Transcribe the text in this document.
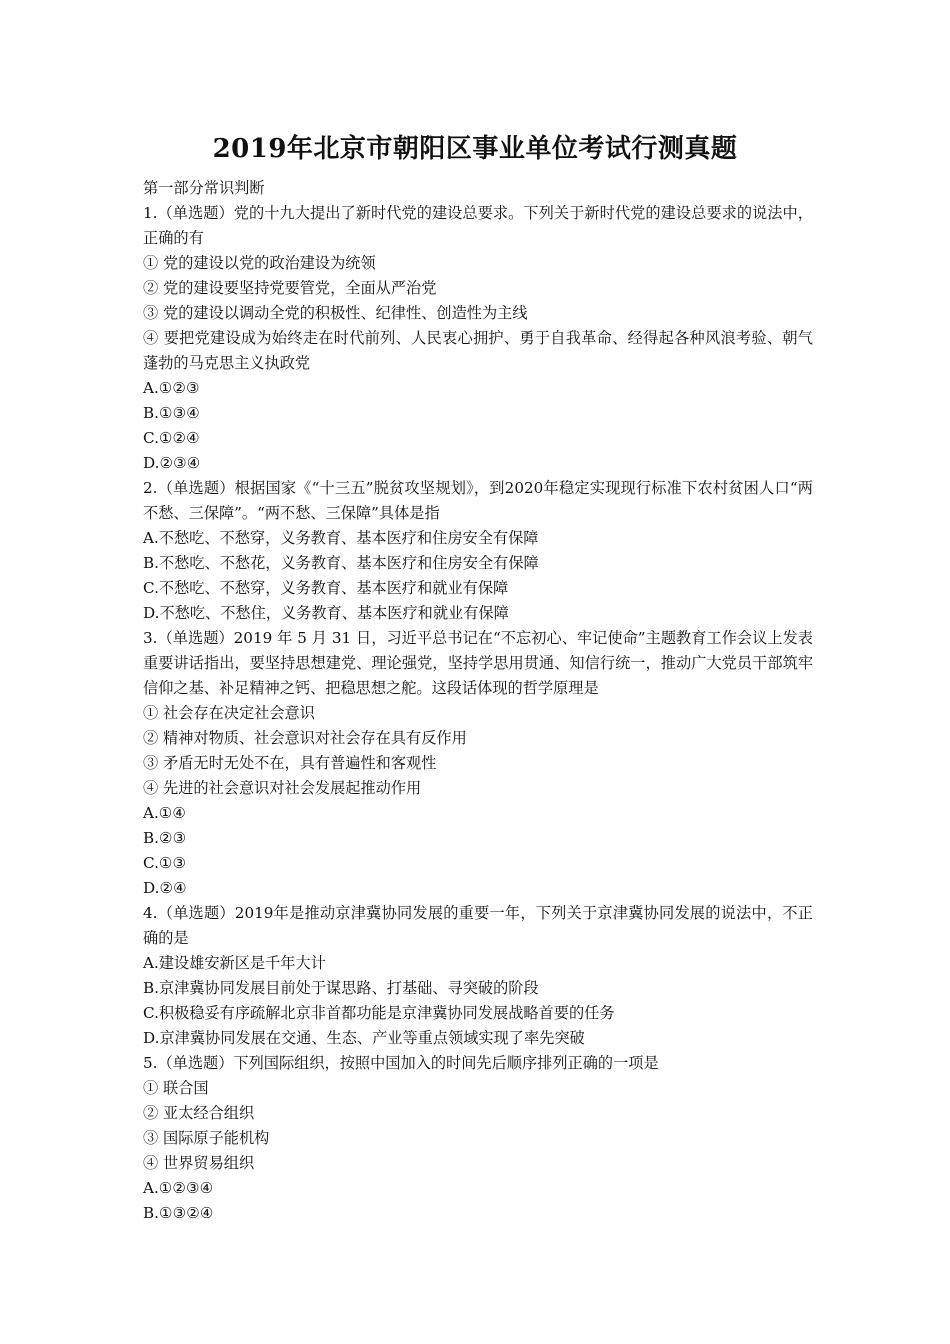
2019年北京市朝阳区事业单位考试行测真题
第一部分常识判断
1.（单选题）党的十九大提出了新时代党的建设总要求。下列关于新时代党的建设总要求的说法中，正确的有
① 党的建设以党的政治建设为统领
② 党的建设要坚持党要管党，全面从严治党
③ 党的建设以调动全党的积极性、纪律性、创造性为主线
④ 要把党建设成为始终走在时代前列、人民衷心拥护、勇于自我革命、经得起各种风浪考验、朝气蓬勃的马克思主义执政党
A.①②③
B.①③④
C.①②④
D.②③④
2.（单选题）根据国家《“十三五”脱贫攻坚规划》，到2020年稳定实现现行标准下农村贫困人口“两不愁、三保障”。“两不愁、三保障”具体是指
A.不愁吃、不愁穿，义务教育、基本医疗和住房安全有保障
B.不愁吃、不愁花，义务教育、基本医疗和住房安全有保障
C.不愁吃、不愁穿，义务教育、基本医疗和就业有保障
D.不愁吃、不愁住，义务教育、基本医疗和就业有保障
3.（单选题）2019 年 5 月 31 日，习近平总书记在“不忘初心、牢记使命”主题教育工作会议上发表重要讲话指出，要坚持思想建党、理论强党，坚持学思用贯通、知信行统一，推动广大党员干部筑牢信仰之基、补足精神之钙、把稳思想之舵。这段话体现的哲学原理是
① 社会存在决定社会意识
② 精神对物质、社会意识对社会存在具有反作用
③ 矛盾无时无处不在，具有普遍性和客观性
④ 先进的社会意识对社会发展起推动作用
A.①④
B.②③
C.①③
D.②④
4.（单选题）2019年是推动京津冀协同发展的重要一年，下列关于京津冀协同发展的说法中，不正确的是
A.建设雄安新区是千年大计
B.京津冀协同发展目前处于谋思路、打基础、寻突破的阶段
C.积极稳妥有序疏解北京非首都功能是京津冀协同发展战略首要的任务
D.京津冀协同发展在交通、生态、产业等重点领域实现了率先突破
5.（单选题）下列国际组织，按照中国加入的时间先后顺序排列正确的一项是
① 联合国
② 亚太经合组织
③ 国际原子能机构
④ 世界贸易组织
A.①②③④
B.①③②④
